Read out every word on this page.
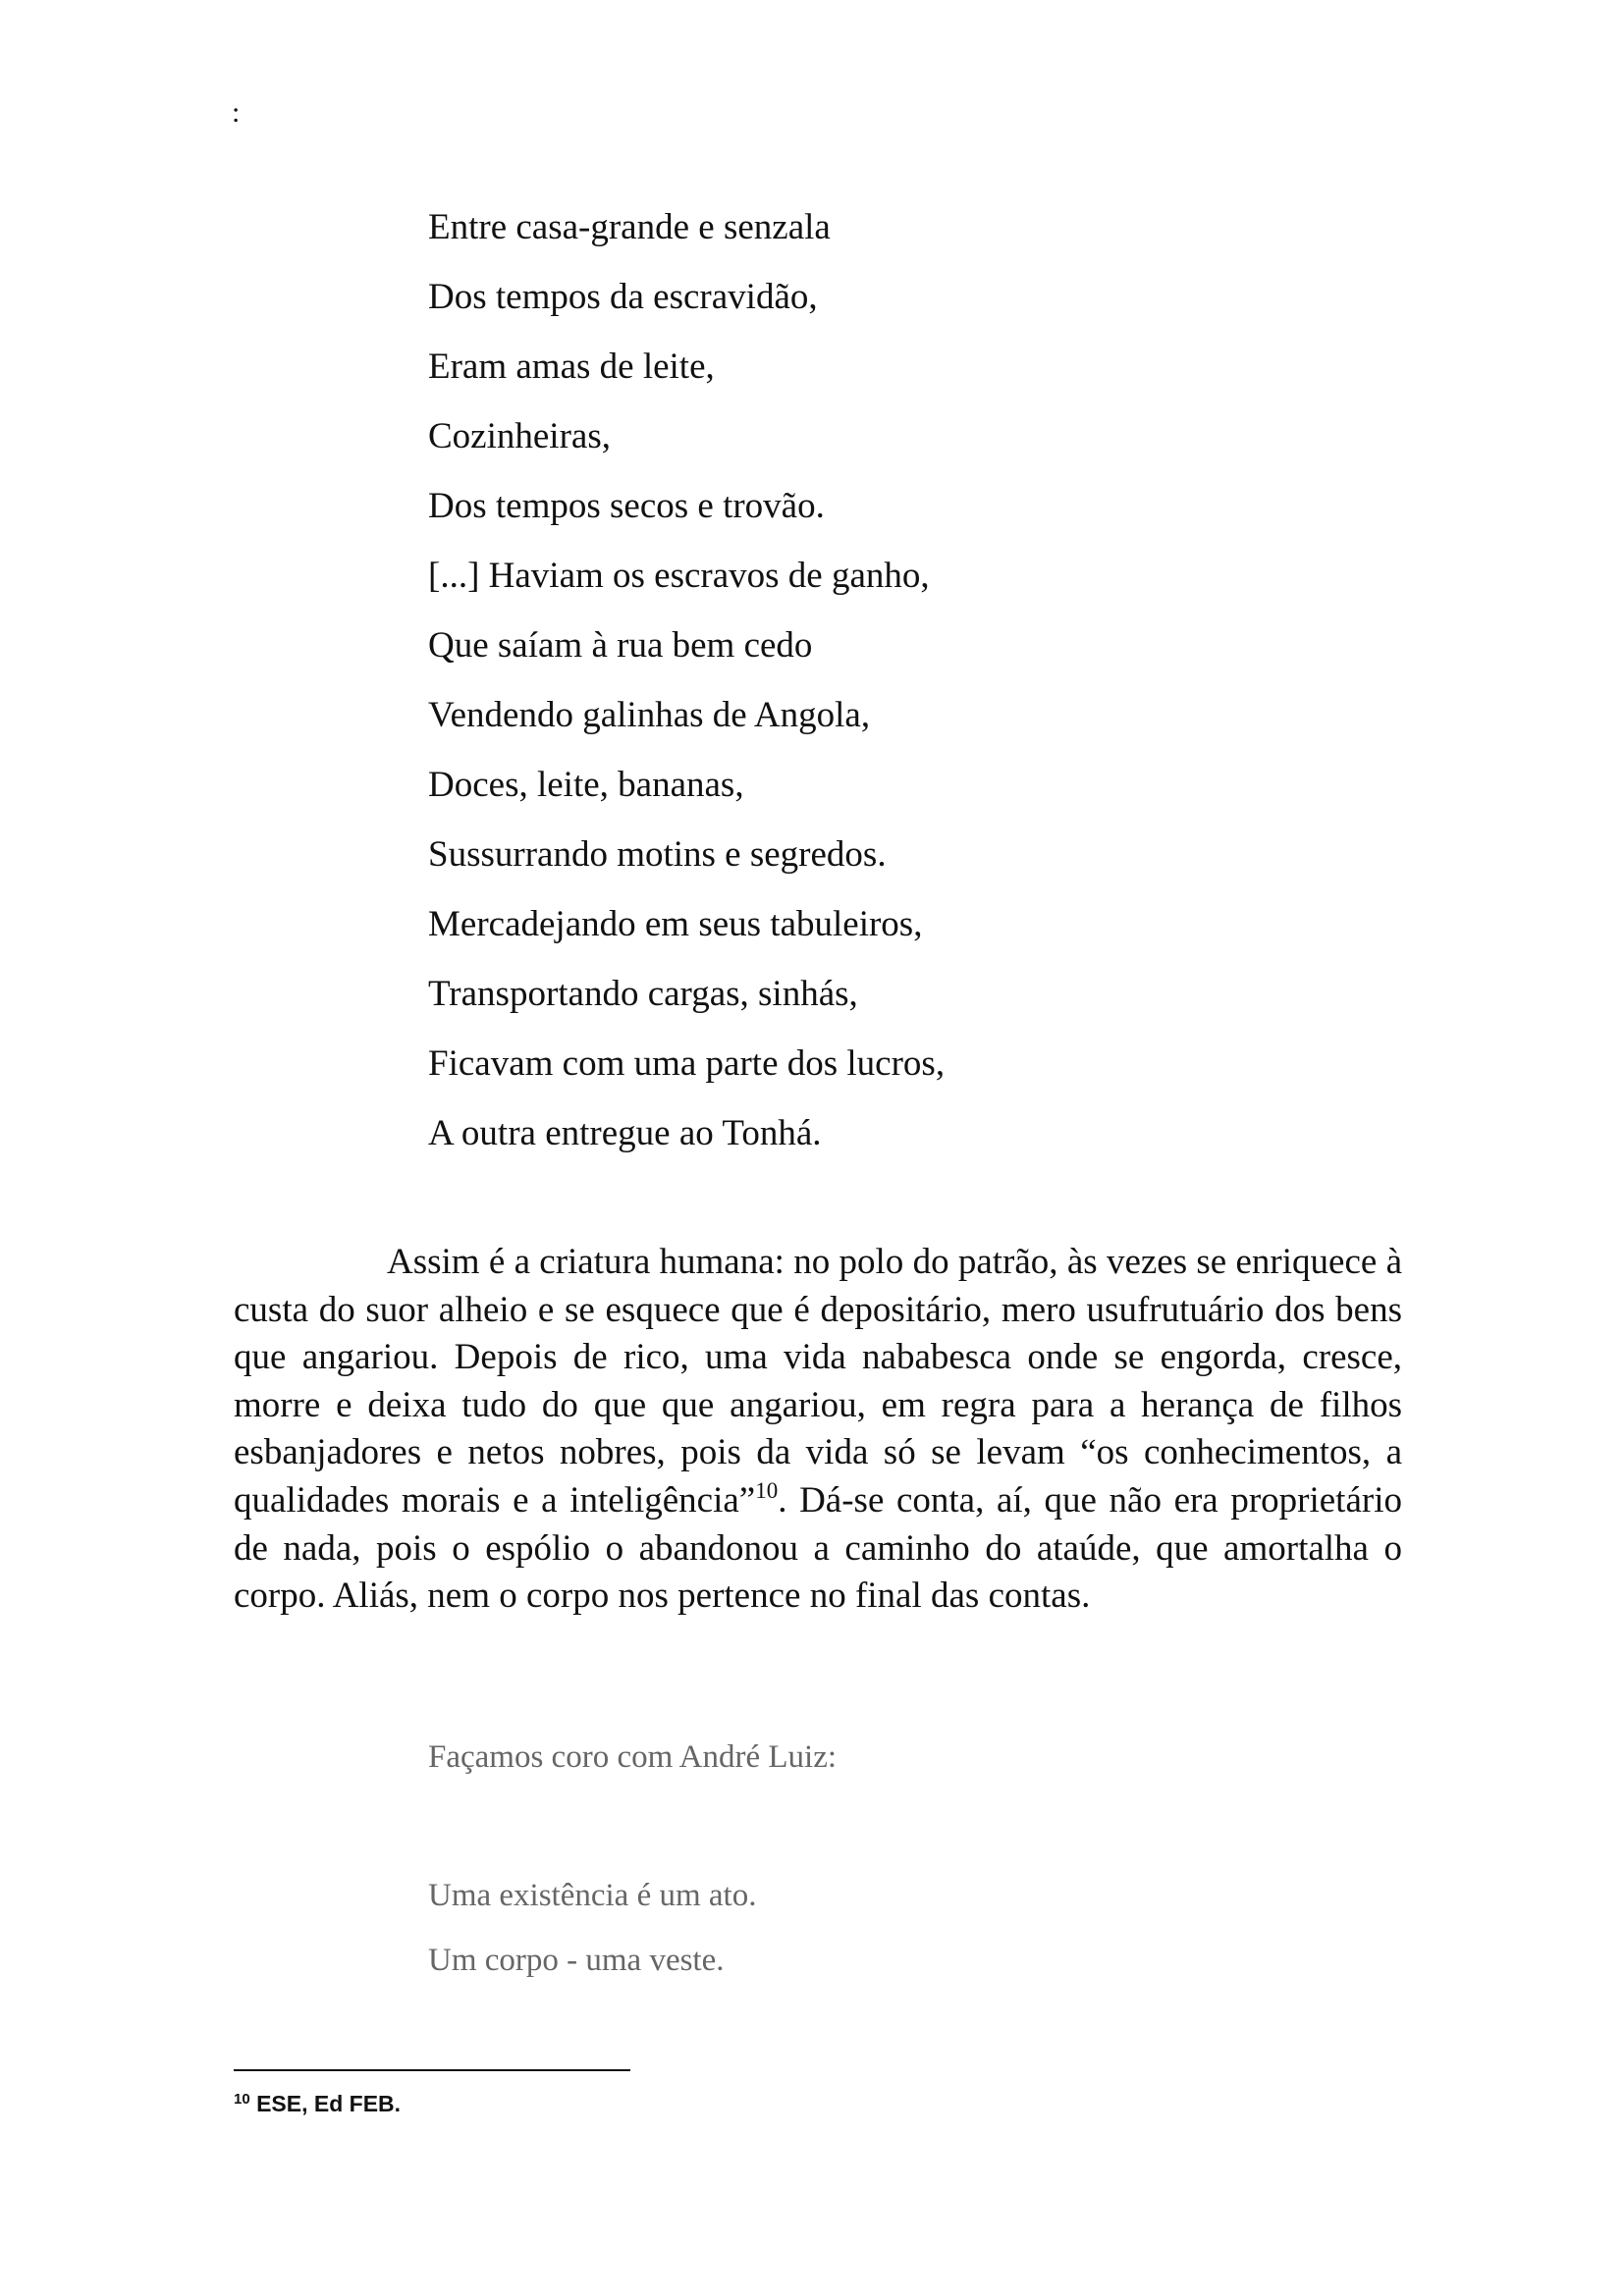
:
Entre casa-grande e senzala
Dos tempos da escravidão,
Eram amas de leite,
Cozinheiras,
Dos tempos secos e trovão.
[...] Haviam os escravos de ganho,
Que saíam à rua bem cedo
Vendendo galinhas de Angola,
Doces, leite, bananas,
Sussurrando motins e segredos.
Mercadejando em seus tabuleiros,
Transportando cargas, sinhás,
Ficavam com uma parte dos lucros,
A outra entregue ao Tonhá.

Assim é a criatura humana: no polo do patrão, às vezes se enriquece à custa do suor alheio e se esquece que é depositário, mero usufrutuário dos bens que angariou. Depois de rico, uma vida nababesca onde se engorda, cresce, morre e deixa tudo do que que angariou, em regra para a herança de filhos esbanjadores e netos nobres, pois da vida só se levam “os conhecimentos, a qualidades morais e a inteligência”$^{10}$. Dá-se conta, aí, que não era proprietário de nada, pois o espólio o abandonou a caminho do ataúde, que amortalha o corpo. Aliás, nem o corpo nos pertence no final das contas.

Façamos coro com André Luiz:
Uma existência é um ato.
Um corpo - uma veste.
$^{10}$ ESE, Ed FEB.
